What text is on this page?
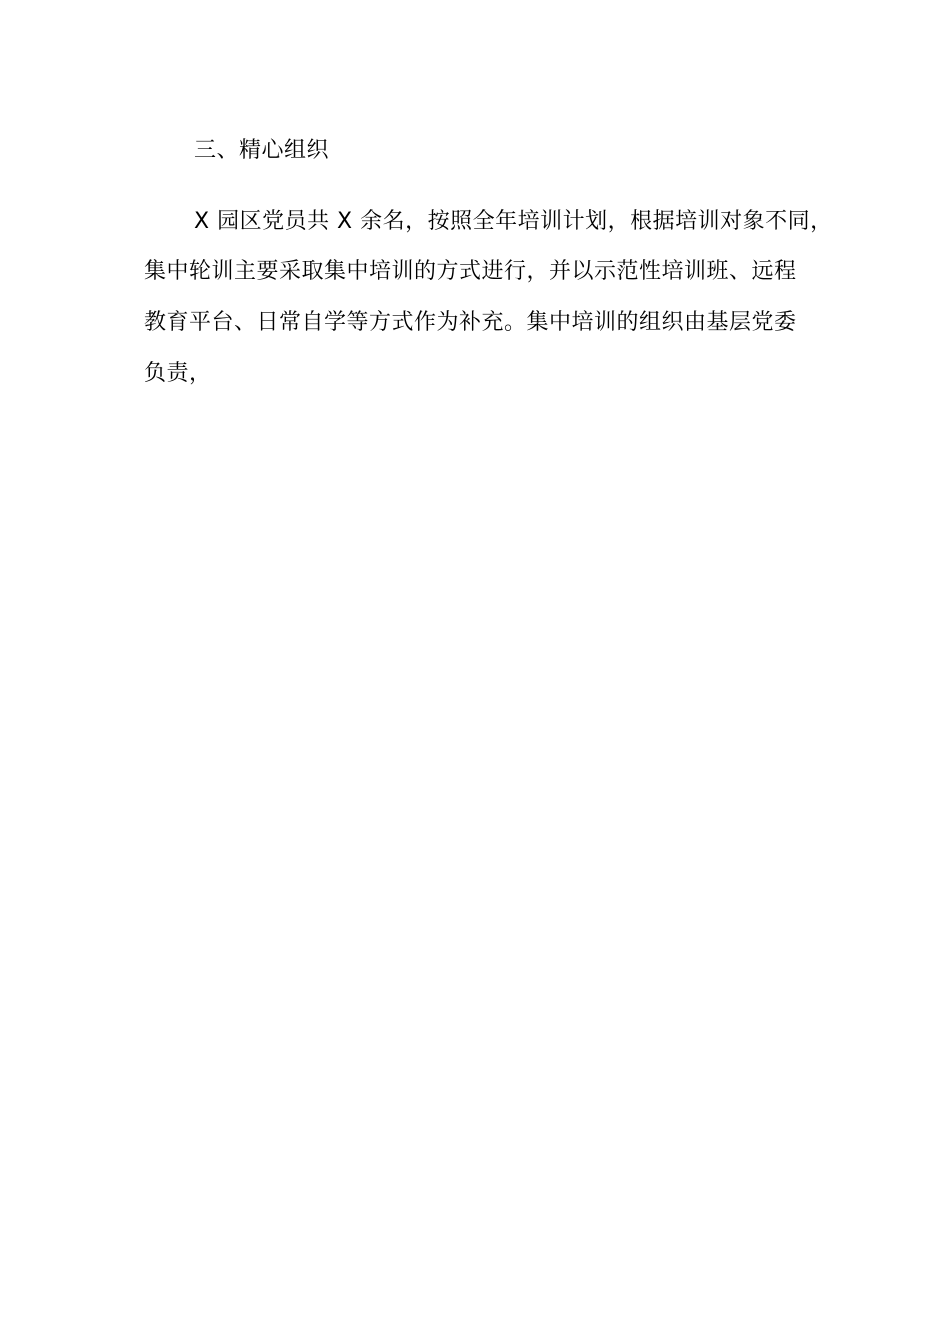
三、精心组织
X 园区党员共 X 余名，按照全年培训计划，根据培训对象不同，
集中轮训主要采取集中培训的方式进行，并以示范性培训班、远程
教育平台、日常自学等方式作为补充。集中培训的组织由基层党委
负责，
